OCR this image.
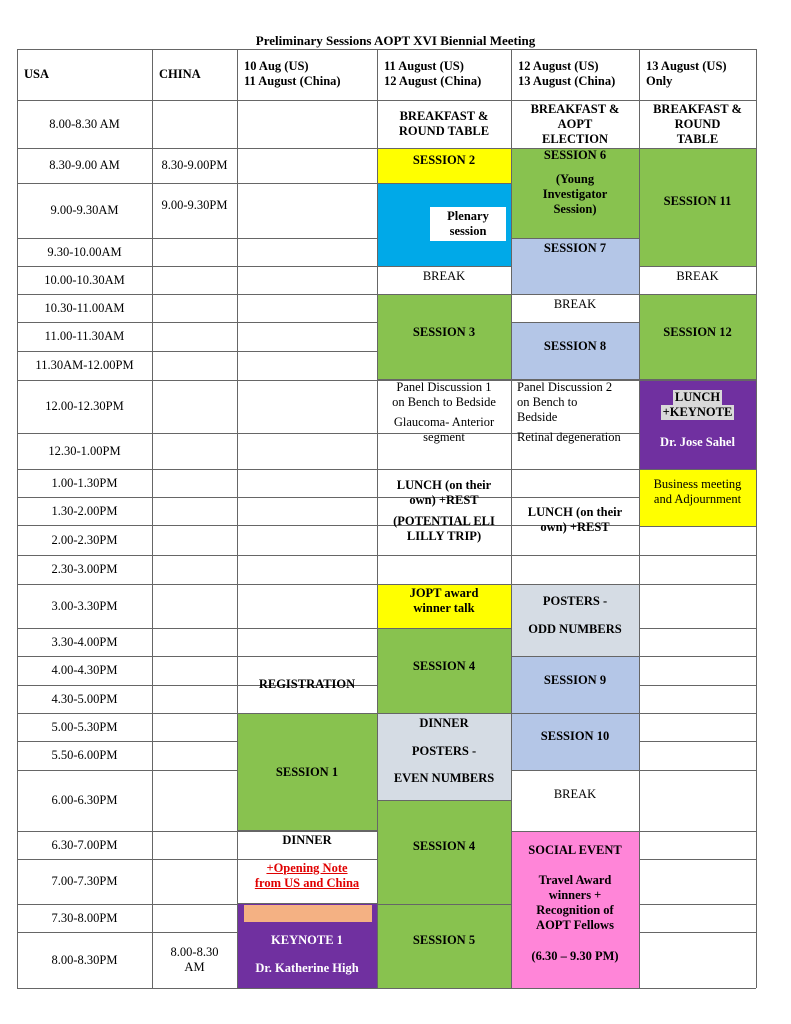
Preliminary Sessions AOPT XVI Biennial Meeting
USA	CHINA
10 Aug (US)
11 August (China)
11 August (US)
12 August (China)
12 August (US)
13 August (China)
13 August (US)
Only
8.30-9.00PM
9.00-9.30PM
8.00-8.30
AM
REGISTRATION
SESSION 1
DINNER
+Opening Note
from US and China
KEYNOTE 1
Dr. Katherine High
BREAKFAST &
ROUND TABLE
SESSION 2
Plenary
session
BREAK
SESSION 3
Panel Discussion 1
on Bench to Bedside
Glaucoma- Anterior
segment
LUNCH (on their
own) +REST
(POTENTIAL ELI
LILLY TRIP)
JOPT award
winner talk
SESSION 4
DINNER
POSTERS -
EVEN NUMBERS
SESSION 4
SESSION 5
BREAKFAST &
AOPT
ELECTION
SESSION 6
(Young
Investigator
Session)
SESSION 7
BREAK
SESSION 8
Panel Discussion 2
on Bench to
Bedside
Retinal degeneration
LUNCH (on their
own) +REST
POSTERS -
ODD NUMBERS
SESSION 9
SESSION 10
BREAK
SOCIAL EVENT
Travel Award
winners +
Recognition of
AOPT Fellows
(6.30 – 9.30 PM)
BREAKFAST &
ROUND
TABLE
SESSION 11
BREAK
SESSION 12
LUNCH
+KEYNOTE
Dr. Jose Sahel
Business meeting
and Adjournment
8.00-8.30 AM
8.30-9.00 AM
9.00-9.30AM
9.30-10.00AM
10.00-10.30AM
10.30-11.00AM
11.00-11.30AM
11.30AM-12.00PM
12.00-12.30PM
12.30-1.00PM
1.00-1.30PM
1.30-2.00PM
2.00-2.30PM
2.30-3.00PM
3.00-3.30PM
3.30-4.00PM
4.00-4.30PM
4.30-5.00PM
5.00-5.30PM
5.50-6.00PM
6.00-6.30PM
6.30-7.00PM
7.00-7.30PM
7.30-8.00PM
8.00-8.30PM
